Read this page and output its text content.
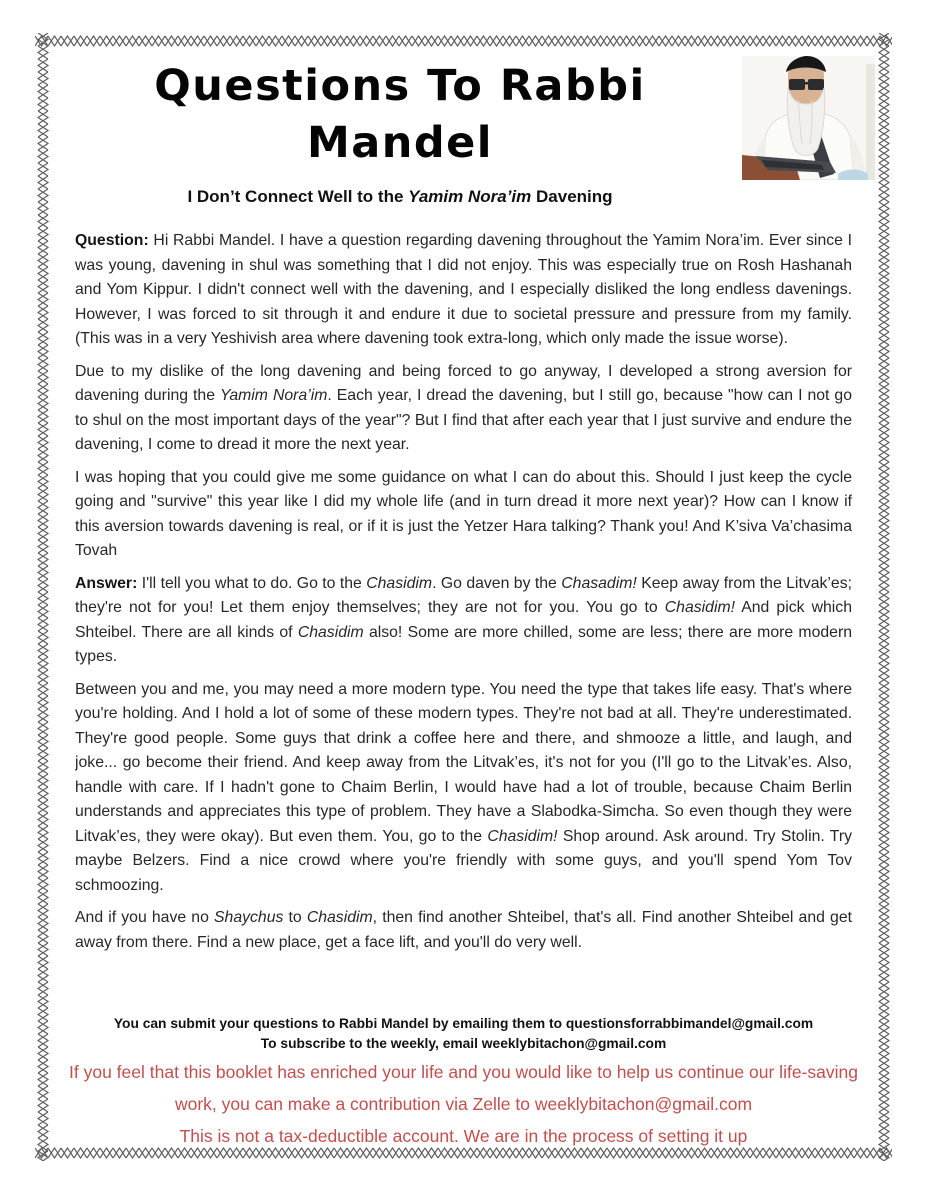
Questions To Rabbi
Mandel
I Don’t Connect Well to the Yamim Nora’im Davening

Question: Hi Rabbi Mandel. I have a question regarding davening throughout the Yamim Nora’im. Ever since I was young, davening in shul was something that I did not enjoy. This was especially true on Rosh Hashanah and Yom Kippur. I didn't connect well with the davening, and I especially disliked the long endless davenings. However, I was forced to sit through it and endure it due to societal pressure and pressure from my family. (This was in a very Yeshivish area where davening took extra-long, which only made the issue worse).

Due to my dislike of the long davening and being forced to go anyway, I developed a strong aversion for davening during the Yamim Nora’im. Each year, I dread the davening, but I still go, because "how can I not go to shul on the most important days of the year"? But I find that after each year that I just survive and endure the davening, I come to dread it more the next year.

I was hoping that you could give me some guidance on what I can do about this. Should I just keep the cycle going and "survive" this year like I did my whole life (and in turn dread it more next year)? How can I know if this aversion towards davening is real, or if it is just the Yetzer Hara talking? Thank you! And K’siva Va’chasima Tovah

Answer: I'll tell you what to do. Go to the Chasidim. Go daven by the Chasadim! Keep away from the Litvak’es; they're not for you! Let them enjoy themselves; they are not for you. You go to Chasidim! And pick which Shteibel. There are all kinds of Chasidim also! Some are more chilled, some are less; there are more modern types.

Between you and me, you may need a more modern type. You need the type that takes life easy. That's where you're holding. And I hold a lot of some of these modern types. They're not bad at all. They're underestimated. They're good people. Some guys that drink a coffee here and there, and shmooze a little, and laugh, and joke... go become their friend. And keep away from the Litvak’es, it's not for you (I'll go to the Litvak’es. Also, handle with care. If I hadn't gone to Chaim Berlin, I would have had a lot of trouble, because Chaim Berlin understands and appreciates this type of problem. They have a Slabodka-Simcha. So even though they were Litvak’es, they were okay). But even them. You, go to the Chasidim! Shop around. Ask around. Try Stolin. Try maybe Belzers. Find a nice crowd where you're friendly with some guys, and you'll spend Yom Tov schmoozing.

And if you have no Shaychus to Chasidim, then find another Shteibel, that's all. Find another Shteibel and get away from there. Find a new place, get a face lift, and you'll do very well.

You can submit your questions to Rabbi Mandel by emailing them to questionsforrabbimandel@gmail.com
To subscribe to the weekly, email weeklybitachon@gmail.com
If you feel that this booklet has enriched your life and you would like to help us continue our life-saving
work, you can make a contribution via Zelle to weeklybitachon@gmail.com
This is not a tax-deductible account. We are in the process of setting it up
